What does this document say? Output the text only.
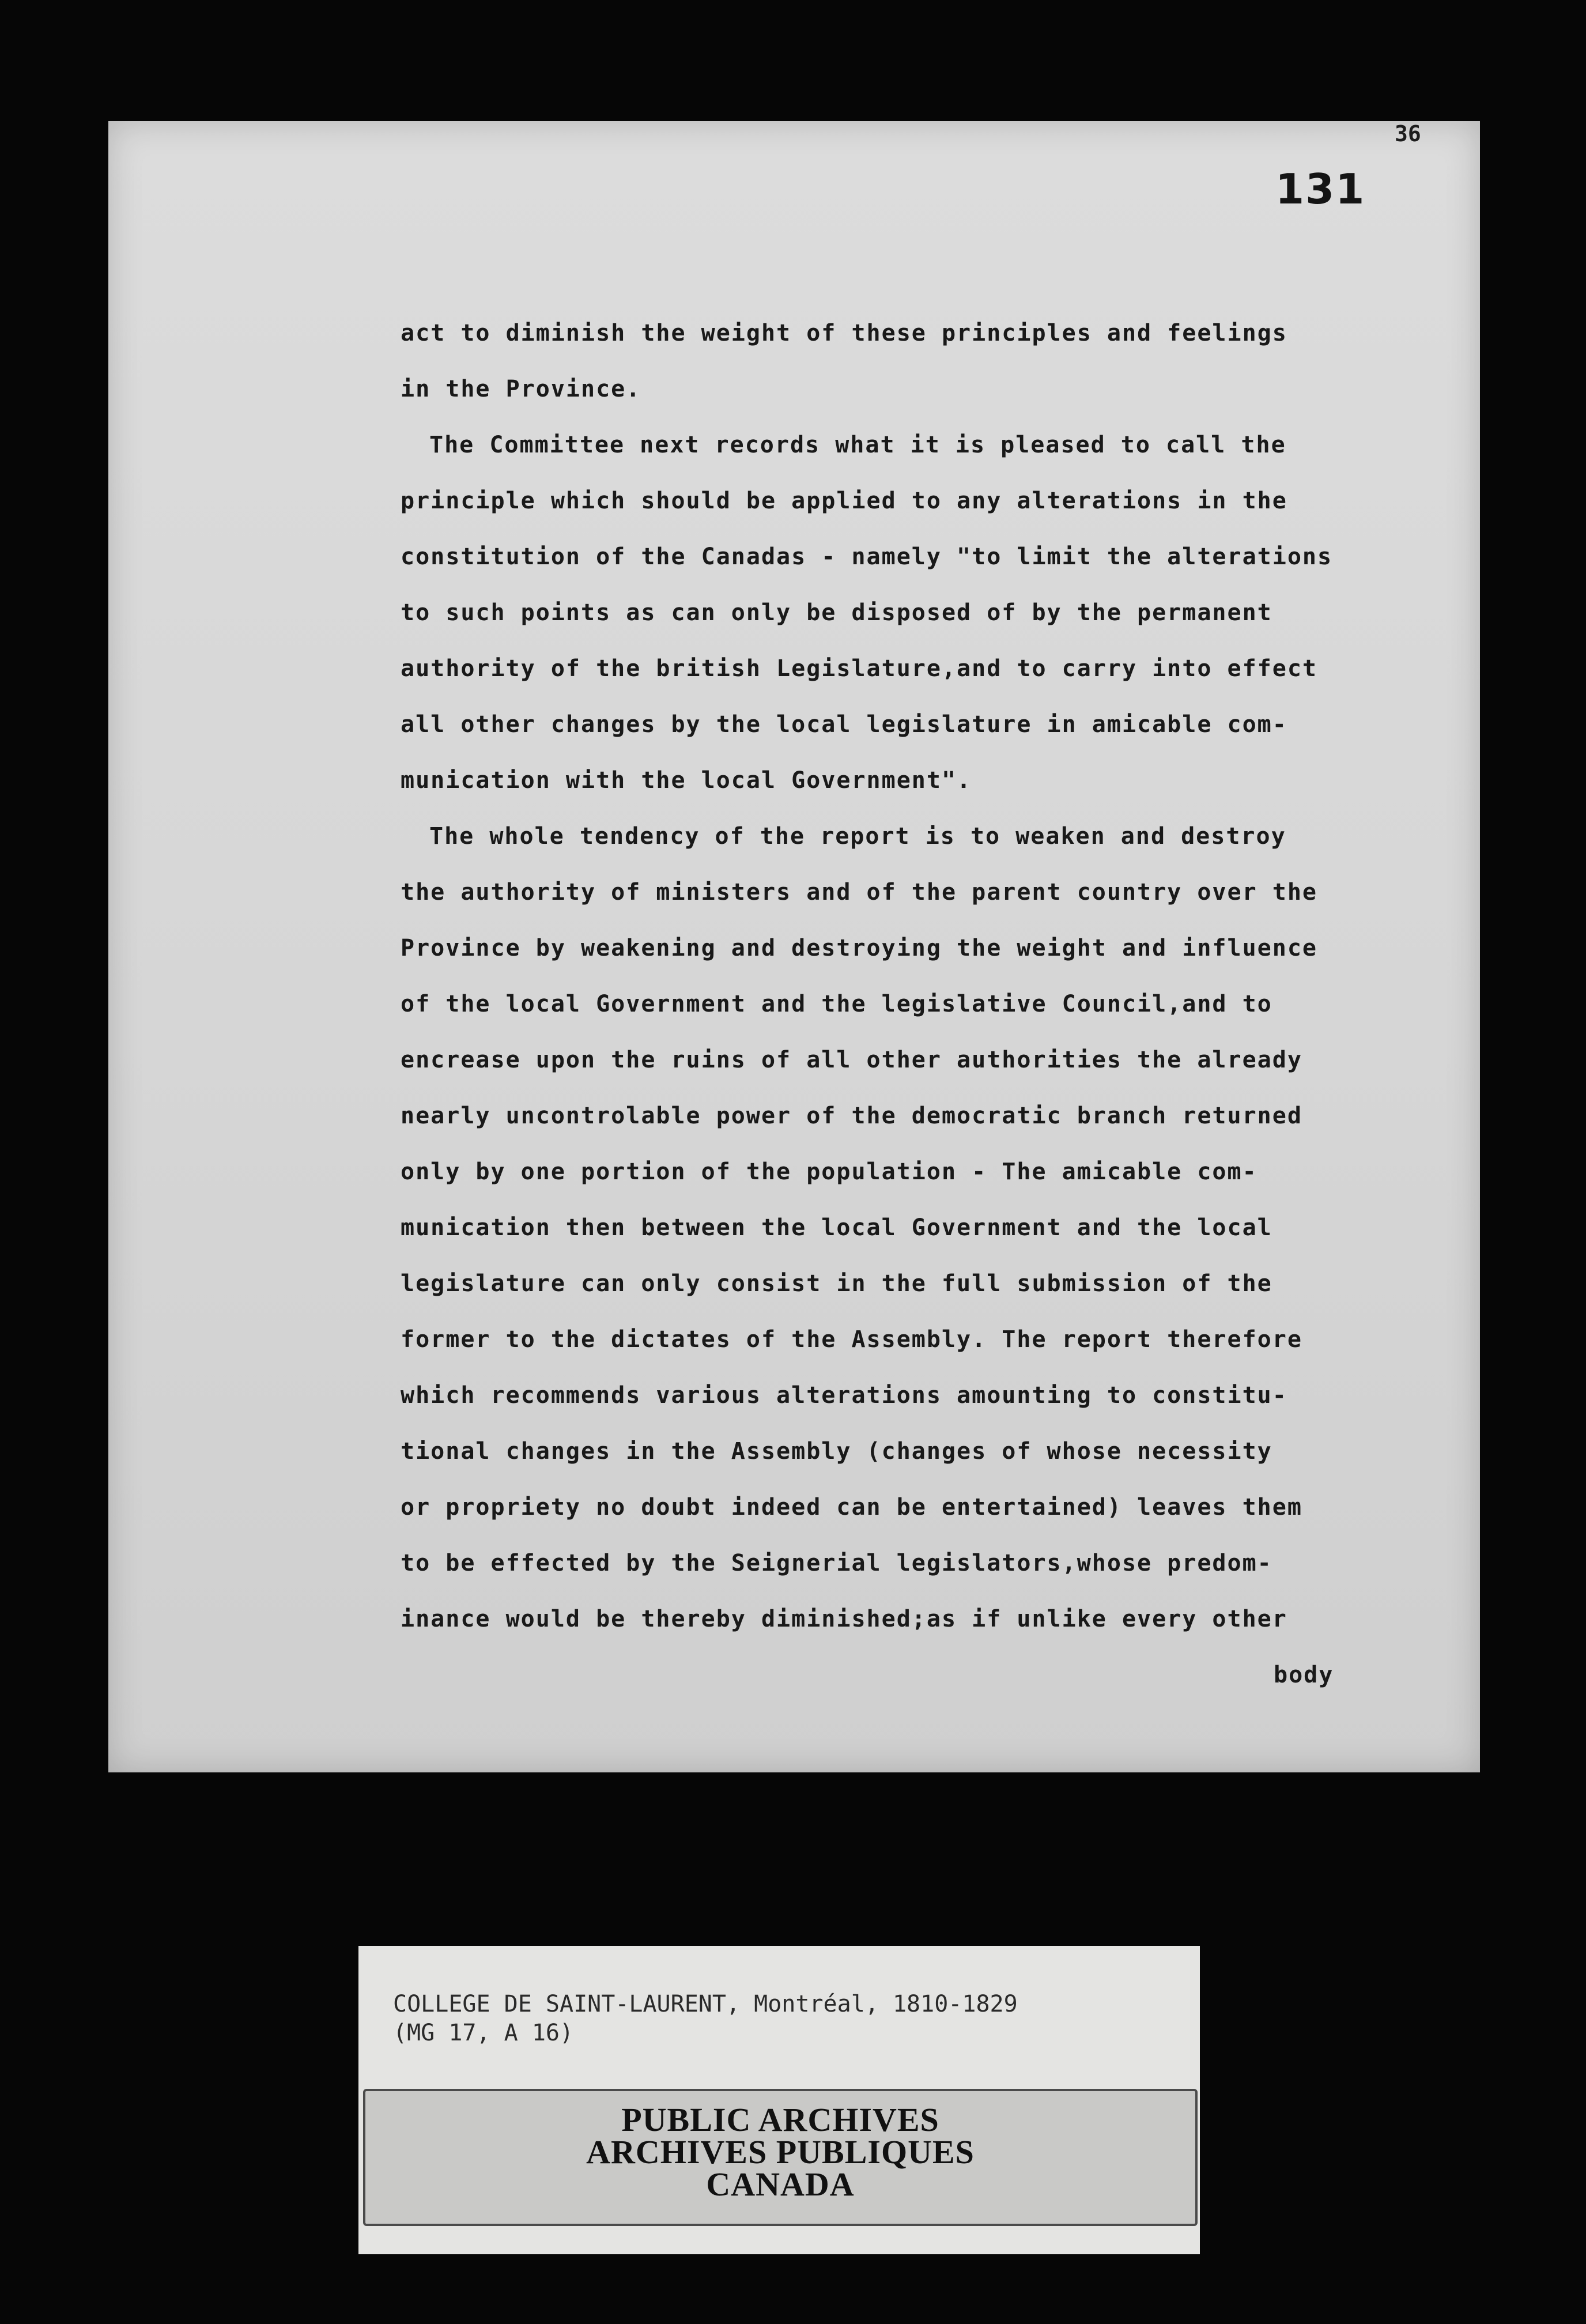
36
131
act to diminish the weight of these principles and feelings
in the Province.
The Committee next records what it is pleased to call the
principle which should be applied to any alterations in the
constitution of the Canadas - namely "to limit the alterations
to such points as can only be disposed of by the permanent
authority of the british Legislature,and to carry into effect
all other changes by the local legislature in amicable com-
munication with the local Government".
The whole tendency of the report is to weaken and destroy
the authority of ministers and of the parent country over the
Province by weakening and destroying the weight and influence
of the local Government and the legislative Council,and to
encrease upon the ruins of all other authorities the already
nearly uncontrolable power of the democratic branch returned
only by one portion of the population - The amicable com-
munication then between the local Government and the local
legislature can only consist in the full submission of the
former to the dictates of the Assembly. The report therefore
which recommends various alterations amounting to constitu-
tional changes in the Assembly (changes of whose necessity
or propriety no doubt indeed can be entertained) leaves them
to be effected by the Seignerial legislators,whose predom-
inance would be thereby diminished;as if unlike every other
body
COLLEGE DE SAINT-LAURENT, Montréal, 1810-1829
(MG 17, A 16)
PUBLIC ARCHIVES
ARCHIVES PUBLIQUES
CANADA
